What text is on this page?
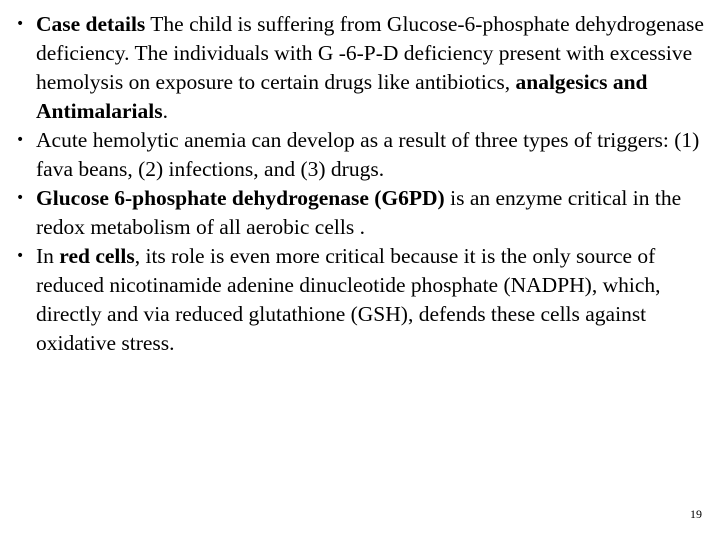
• Case details The child is suffering from Glucose-6-phosphate dehydrogenase deficiency. The individuals with G -6-P-D deficiency present with excessive hemolysis on exposure to certain drugs like antibiotics, analgesics and Antimalarials.
• Acute hemolytic anemia can develop as a result of three types of triggers: (1) fava beans, (2) infections, and (3) drugs.
• Glucose 6-phosphate dehydrogenase (G6PD) is an enzyme critical in the redox metabolism of all aerobic cells .
• In red cells, its role is even more critical because it is the only source of reduced nicotinamide adenine dinucleotide phosphate (NADPH), which, directly and via reduced glutathione (GSH), defends these cells against oxidative stress.
19
